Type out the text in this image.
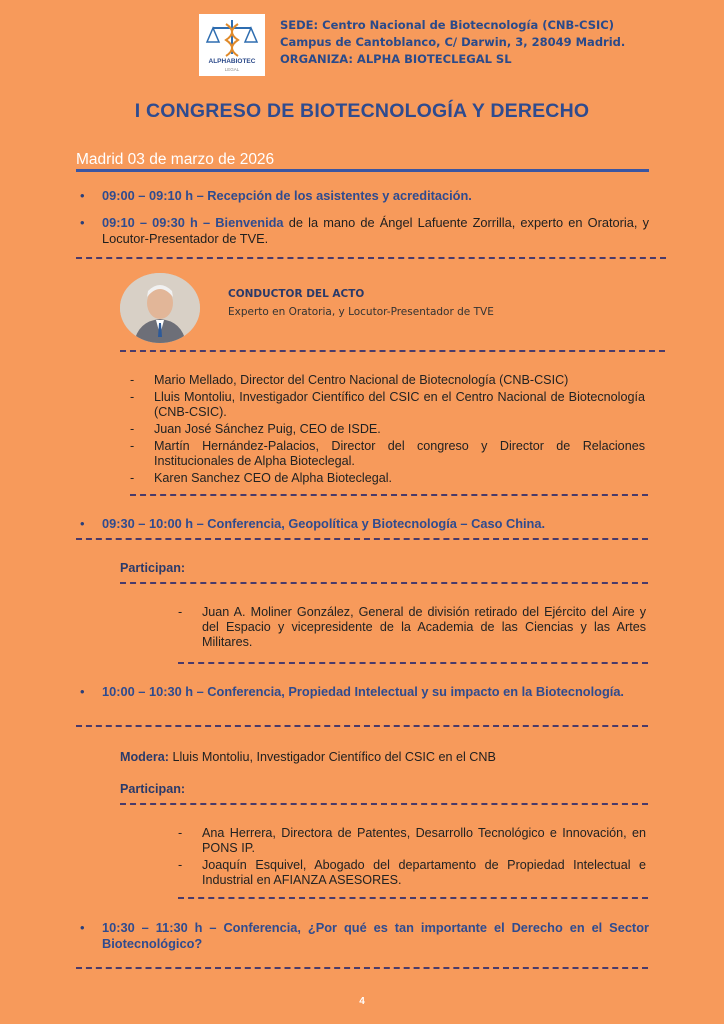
ALPHABIOTEC
LEGAL
SEDE: Centro Nacional de Biotecnología (CNB-CSIC)
Campus de Cantoblanco, C/ Darwin, 3, 28049 Madrid.
ORGANIZA: ALPHA BIOTECLEGAL SL
I CONGRESO DE BIOTECNOLOGÍA Y DERECHO
Madrid 03 de marzo de 2026
• 09:00 – 09:10 h – Recepción de los asistentes y acreditación.
• 09:10 – 09:30 h – Bienvenida de la mano de Ángel Lafuente Zorrilla, experto en Oratoria, y Locutor-Presentador de TVE.
CONDUCTOR DEL ACTO
Experto en Oratoria, y Locutor-Presentador de TVE
- Mario Mellado, Director del Centro Nacional de Biotecnología (CNB-CSIC)
- Lluis Montoliu, Investigador Científico del CSIC en el Centro Nacional de Biotecnología (CNB-CSIC).
- Juan José Sánchez Puig, CEO de ISDE.
- Martín Hernández-Palacios, Director del congreso y Director de Relaciones Institucionales de Alpha Bioteclegal.
- Karen Sanchez CEO de Alpha Bioteclegal.
• 09:30 – 10:00 h – Conferencia, Geopolítica y Biotecnología – Caso China.
Participan:
- Juan A. Moliner González, General de división retirado del Ejército del Aire y del Espacio y vicepresidente de la Academia de las Ciencias y las Artes Militares.
• 10:00 – 10:30 h – Conferencia, Propiedad Intelectual y su impacto en la Biotecnología.
Modera: Lluis Montoliu, Investigador Científico del CSIC en el CNB
Participan:
- Ana Herrera, Directora de Patentes, Desarrollo Tecnológico e Innovación, en PONS IP.
- Joaquín Esquivel, Abogado del departamento de Propiedad Intelectual e Industrial en AFIANZA ASESORES.
• 10:30 – 11:30 h – Conferencia, ¿Por qué es tan importante el Derecho en el Sector Biotecnológico?
4
